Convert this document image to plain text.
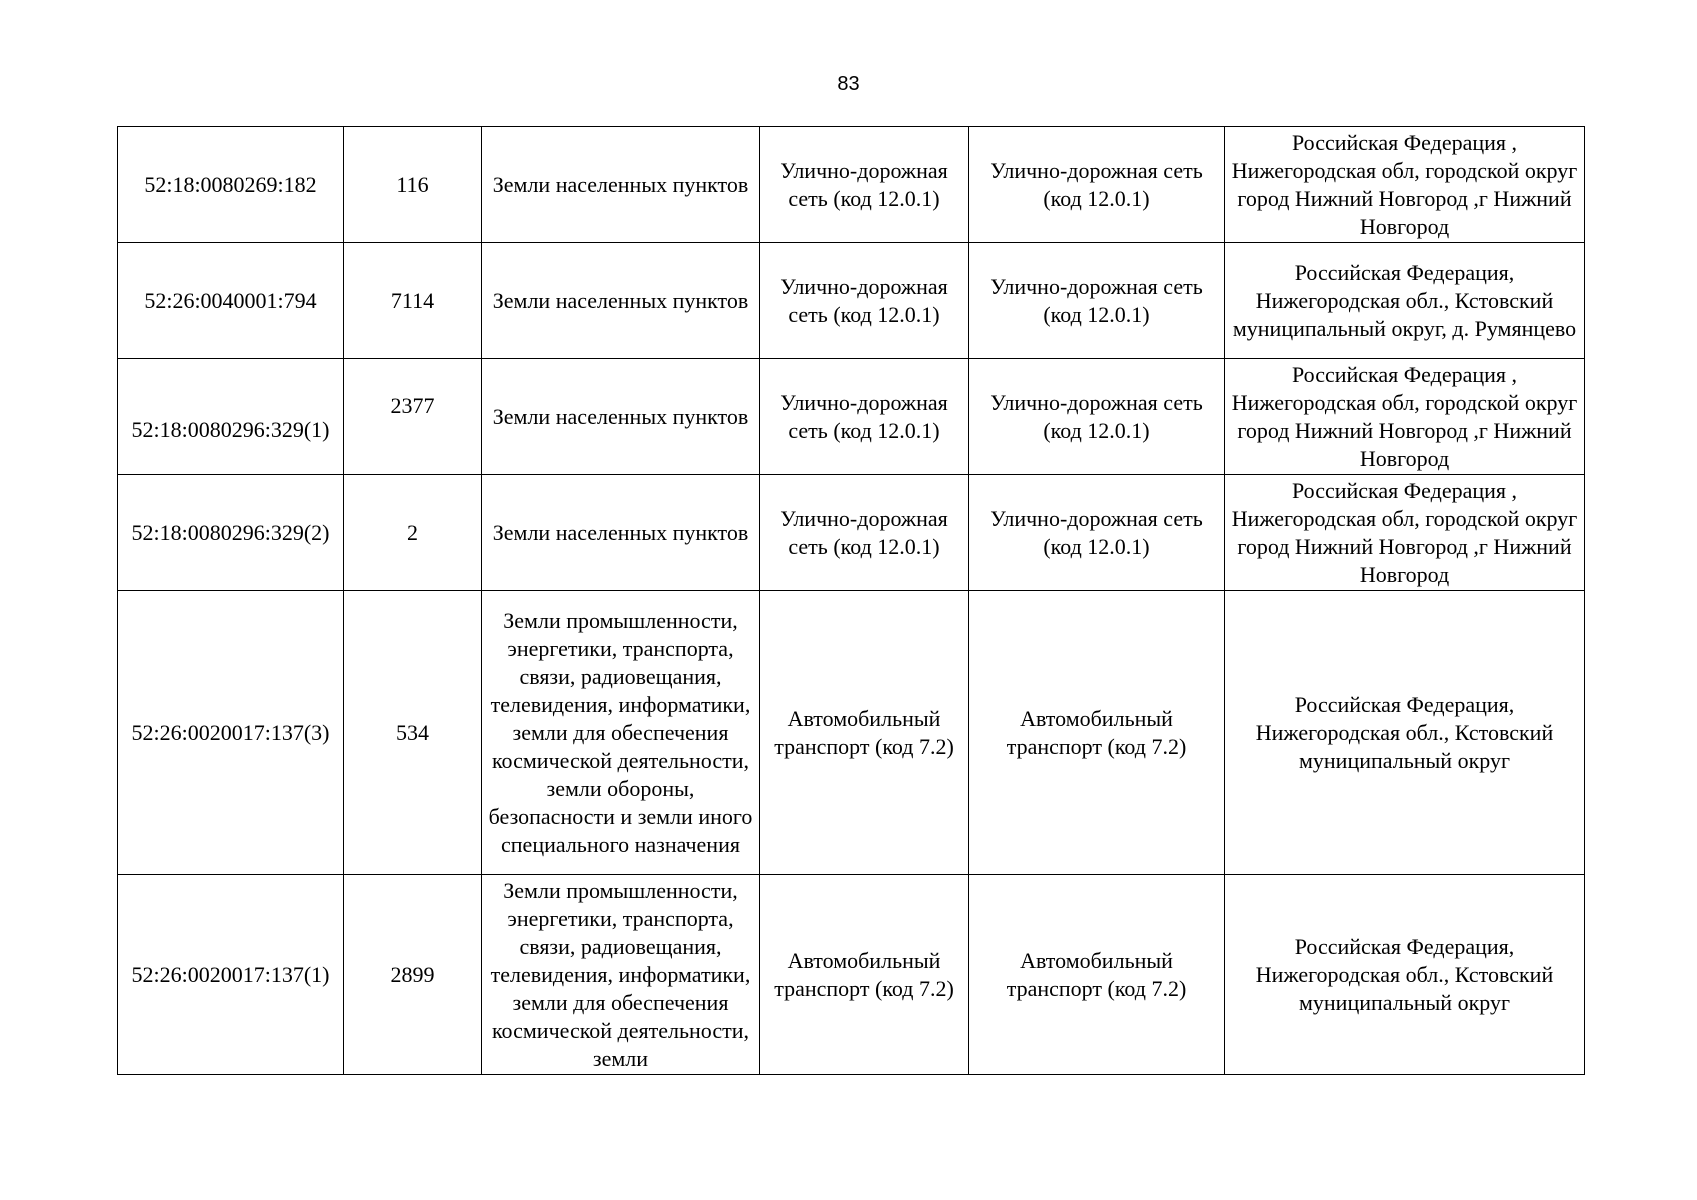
83
52:18:0080269:182	116	Земли населенных пунктов	Улично-дорожная сеть (код 12.0.1)	Улично-дорожная сеть (код 12.0.1)	Российская Федерация , Нижегородская обл, городской округ город Нижний Новгород ,г Нижний Новгород
52:26:0040001:794	7114	Земли населенных пунктов	Улично-дорожная сеть (код 12.0.1)	Улично-дорожная сеть (код 12.0.1)	Российская Федерация, Нижегородская обл., Кстовский муниципальный округ, д. Румянцево
52:18:0080296:329(1)	2377	Земли населенных пунктов	Улично-дорожная сеть (код 12.0.1)	Улично-дорожная сеть (код 12.0.1)	Российская Федерация , Нижегородская обл, городской округ город Нижний Новгород ,г Нижний Новгород
52:18:0080296:329(2)	2	Земли населенных пунктов	Улично-дорожная сеть (код 12.0.1)	Улично-дорожная сеть (код 12.0.1)	Российская Федерация , Нижегородская обл, городской округ город Нижний Новгород ,г Нижний Новгород
52:26:0020017:137(3)	534	Земли промышленности, энергетики, транспорта, связи, радиовещания, телевидения, информатики, земли для обеспечения космической деятельности, земли обороны, безопасности и земли иного специального назначения	Автомобильный транспорт (код 7.2)	Автомобильный транспорт (код 7.2)	Российская Федерация, Нижегородская обл., Кстовский муниципальный округ
52:26:0020017:137(1)	2899	Земли промышленности, энергетики, транспорта, связи, радиовещания, телевидения, информатики, земли для обеспечения космической деятельности, земли	Автомобильный транспорт (код 7.2)	Автомобильный транспорт (код 7.2)	Российская Федерация, Нижегородская обл., Кстовский муниципальный округ
